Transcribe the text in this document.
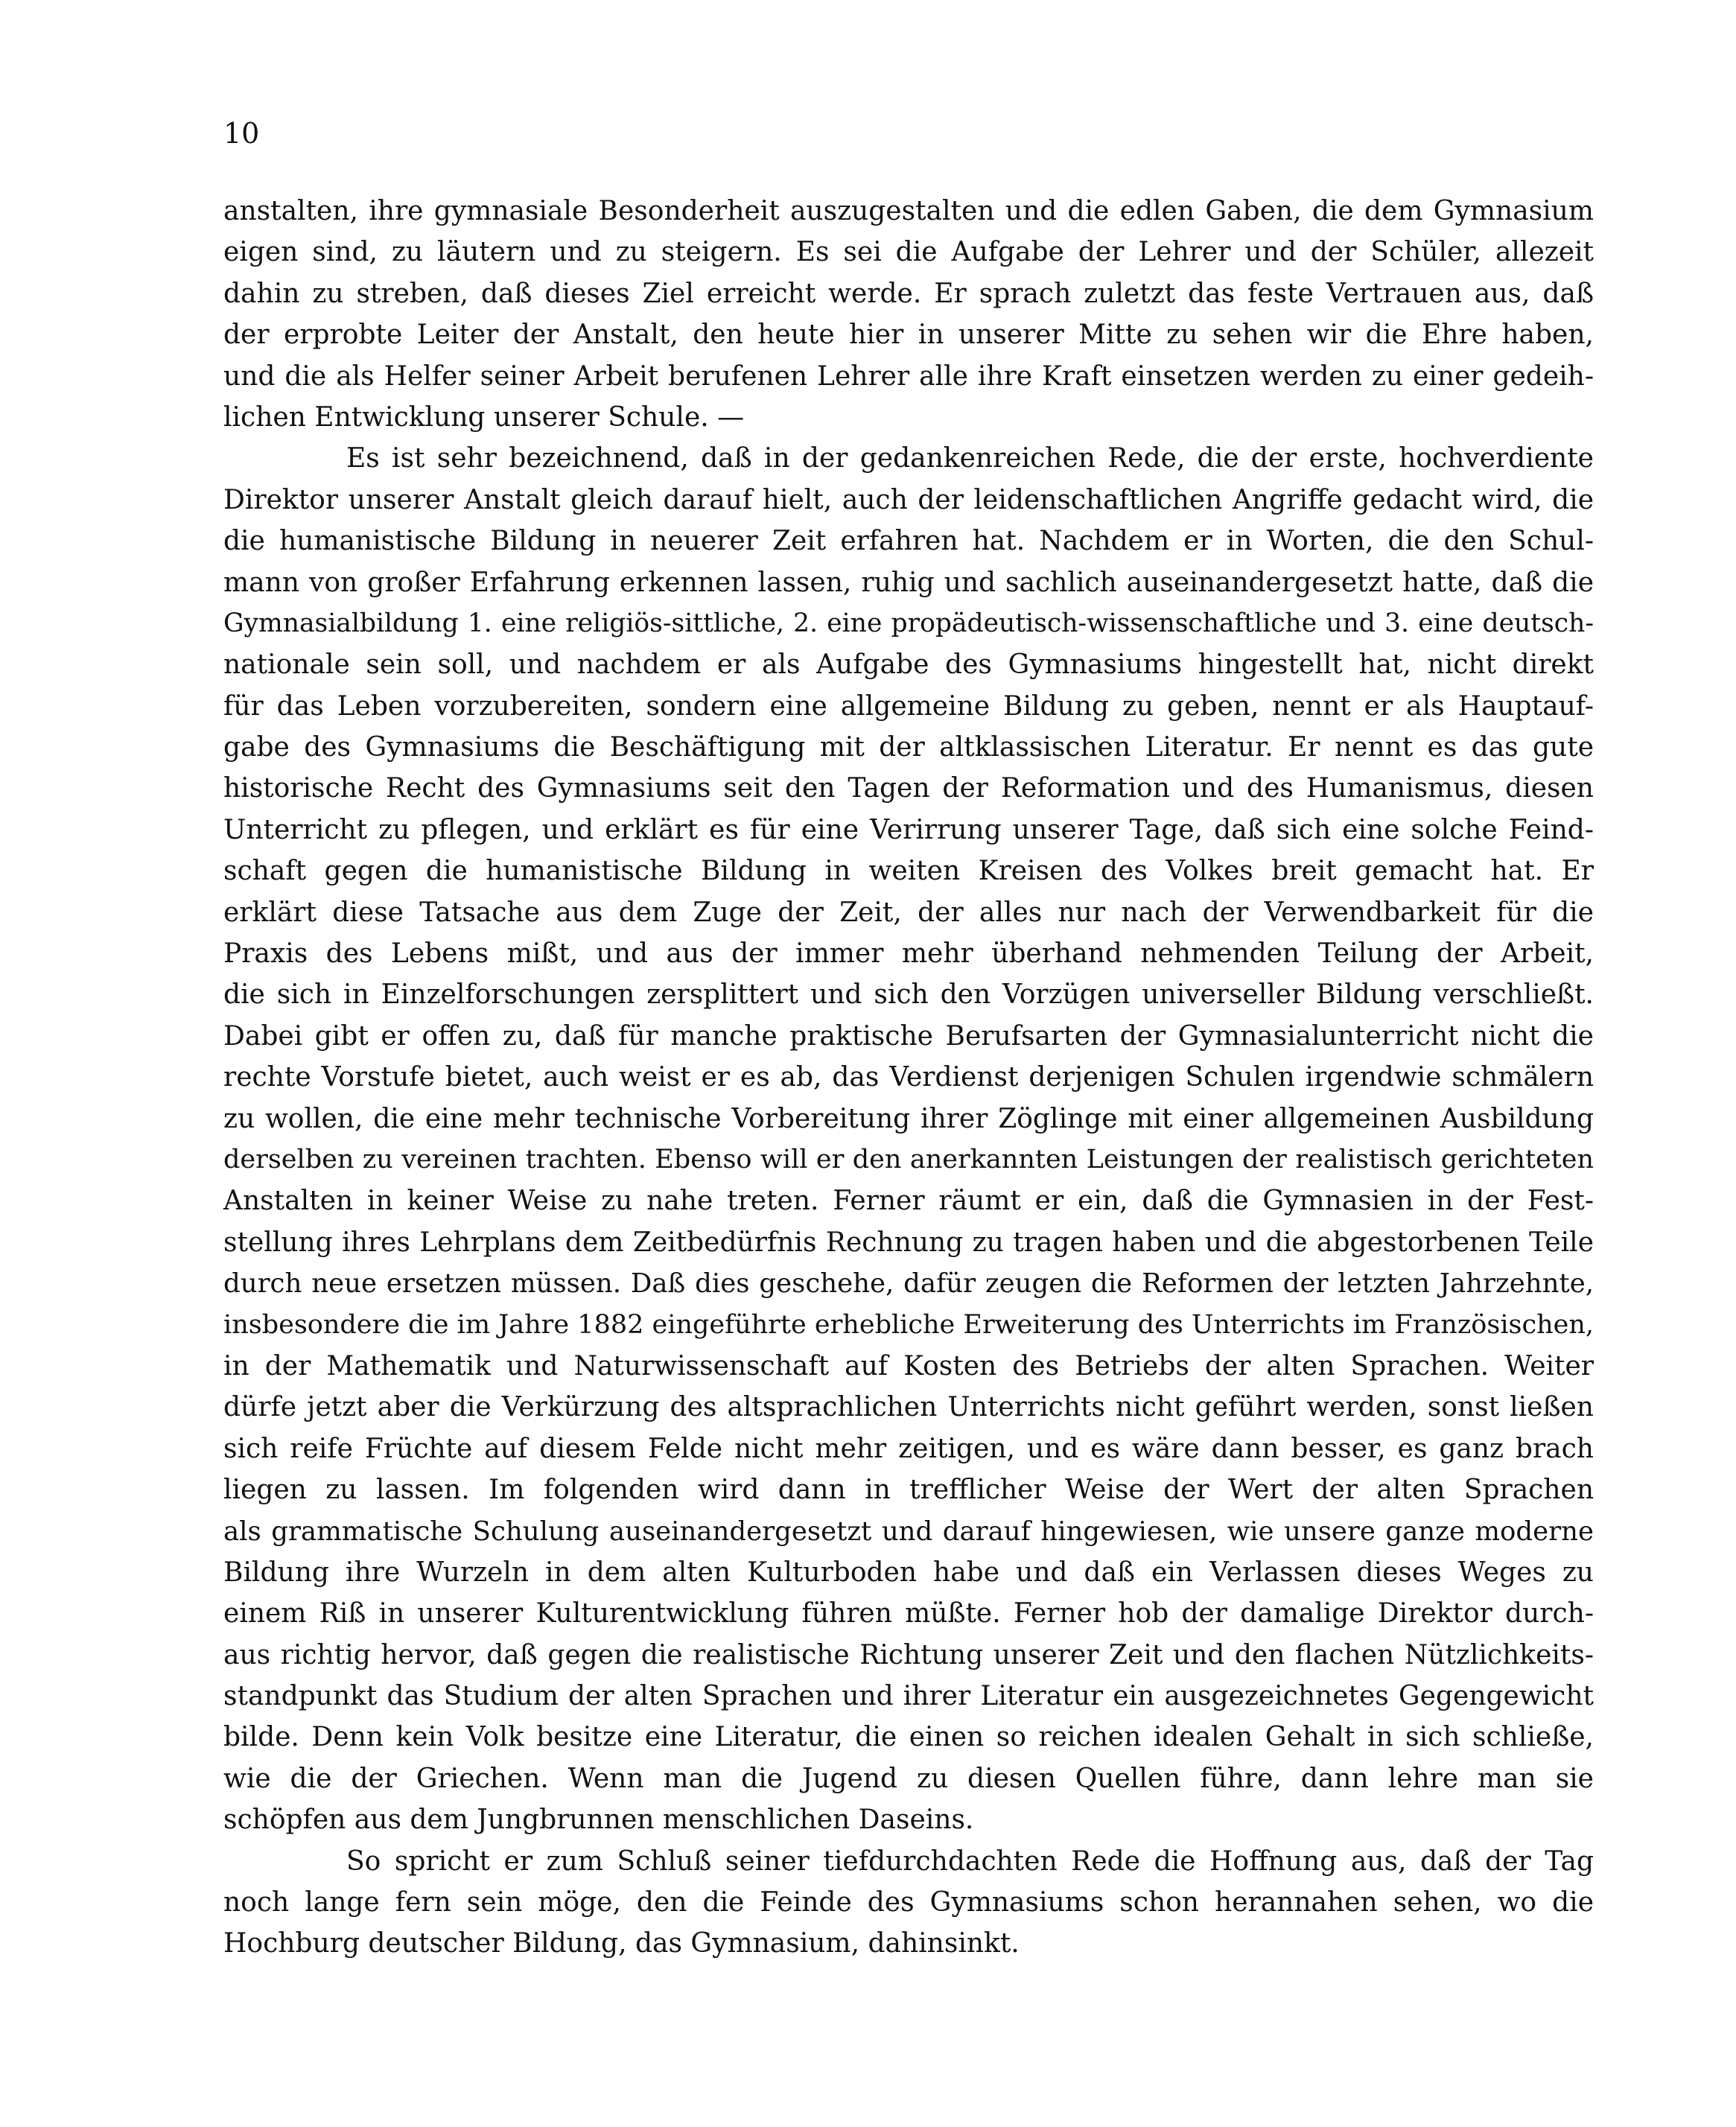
10
anstalten, ihre gymnasiale Besonderheit auszugestalten und die edlen Gaben, die dem Gymnasium
eigen sind, zu läutern und zu steigern. Es sei die Aufgabe der Lehrer und der Schüler, allezeit
dahin zu streben, daß dieses Ziel erreicht werde. Er sprach zuletzt das feste Vertrauen aus, daß
der erprobte Leiter der Anstalt, den heute hier in unserer Mitte zu sehen wir die Ehre haben,
und die als Helfer seiner Arbeit berufenen Lehrer alle ihre Kraft einsetzen werden zu einer gedeih-
lichen Entwicklung unserer Schule. —
Es ist sehr bezeichnend, daß in der gedankenreichen Rede, die der erste, hochverdiente
Direktor unserer Anstalt gleich darauf hielt, auch der leidenschaftlichen Angriffe gedacht wird, die
die humanistische Bildung in neuerer Zeit erfahren hat. Nachdem er in Worten, die den Schul-
mann von großer Erfahrung erkennen lassen, ruhig und sachlich auseinandergesetzt hatte, daß die
Gymnasialbildung 1. eine religiös-sittliche, 2. eine propädeutisch-wissenschaftliche und 3. eine deutsch-
nationale sein soll, und nachdem er als Aufgabe des Gymnasiums hingestellt hat, nicht direkt
für das Leben vorzubereiten, sondern eine allgemeine Bildung zu geben, nennt er als Hauptauf-
gabe des Gymnasiums die Beschäftigung mit der altklassischen Literatur. Er nennt es das gute
historische Recht des Gymnasiums seit den Tagen der Reformation und des Humanismus, diesen
Unterricht zu pflegen, und erklärt es für eine Verirrung unserer Tage, daß sich eine solche Feind-
schaft gegen die humanistische Bildung in weiten Kreisen des Volkes breit gemacht hat. Er
erklärt diese Tatsache aus dem Zuge der Zeit, der alles nur nach der Verwendbarkeit für die
Praxis des Lebens mißt, und aus der immer mehr überhand nehmenden Teilung der Arbeit,
die sich in Einzelforschungen zersplittert und sich den Vorzügen universeller Bildung verschließt.
Dabei gibt er offen zu, daß für manche praktische Berufsarten der Gymnasialunterricht nicht die
rechte Vorstufe bietet, auch weist er es ab, das Verdienst derjenigen Schulen irgendwie schmälern
zu wollen, die eine mehr technische Vorbereitung ihrer Zöglinge mit einer allgemeinen Ausbildung
derselben zu vereinen trachten. Ebenso will er den anerkannten Leistungen der realistisch gerichteten
Anstalten in keiner Weise zu nahe treten. Ferner räumt er ein, daß die Gymnasien in der Fest-
stellung ihres Lehrplans dem Zeitbedürfnis Rechnung zu tragen haben und die abgestorbenen Teile
durch neue ersetzen müssen. Daß dies geschehe, dafür zeugen die Reformen der letzten Jahrzehnte,
insbesondere die im Jahre 1882 eingeführte erhebliche Erweiterung des Unterrichts im Französischen,
in der Mathematik und Naturwissenschaft auf Kosten des Betriebs der alten Sprachen. Weiter
dürfe jetzt aber die Verkürzung des altsprachlichen Unterrichts nicht geführt werden, sonst ließen
sich reife Früchte auf diesem Felde nicht mehr zeitigen, und es wäre dann besser, es ganz brach
liegen zu lassen. Im folgenden wird dann in trefflicher Weise der Wert der alten Sprachen
als grammatische Schulung auseinandergesetzt und darauf hingewiesen, wie unsere ganze moderne
Bildung ihre Wurzeln in dem alten Kulturboden habe und daß ein Verlassen dieses Weges zu
einem Riß in unserer Kulturentwicklung führen müßte. Ferner hob der damalige Direktor durch-
aus richtig hervor, daß gegen die realistische Richtung unserer Zeit und den flachen Nützlichkeits-
standpunkt das Studium der alten Sprachen und ihrer Literatur ein ausgezeichnetes Gegengewicht
bilde. Denn kein Volk besitze eine Literatur, die einen so reichen idealen Gehalt in sich schließe,
wie die der Griechen. Wenn man die Jugend zu diesen Quellen führe, dann lehre man sie
schöpfen aus dem Jungbrunnen menschlichen Daseins.
So spricht er zum Schluß seiner tiefdurchdachten Rede die Hoffnung aus, daß der Tag
noch lange fern sein möge, den die Feinde des Gymnasiums schon herannahen sehen, wo die
Hochburg deutscher Bildung, das Gymnasium, dahinsinkt.
